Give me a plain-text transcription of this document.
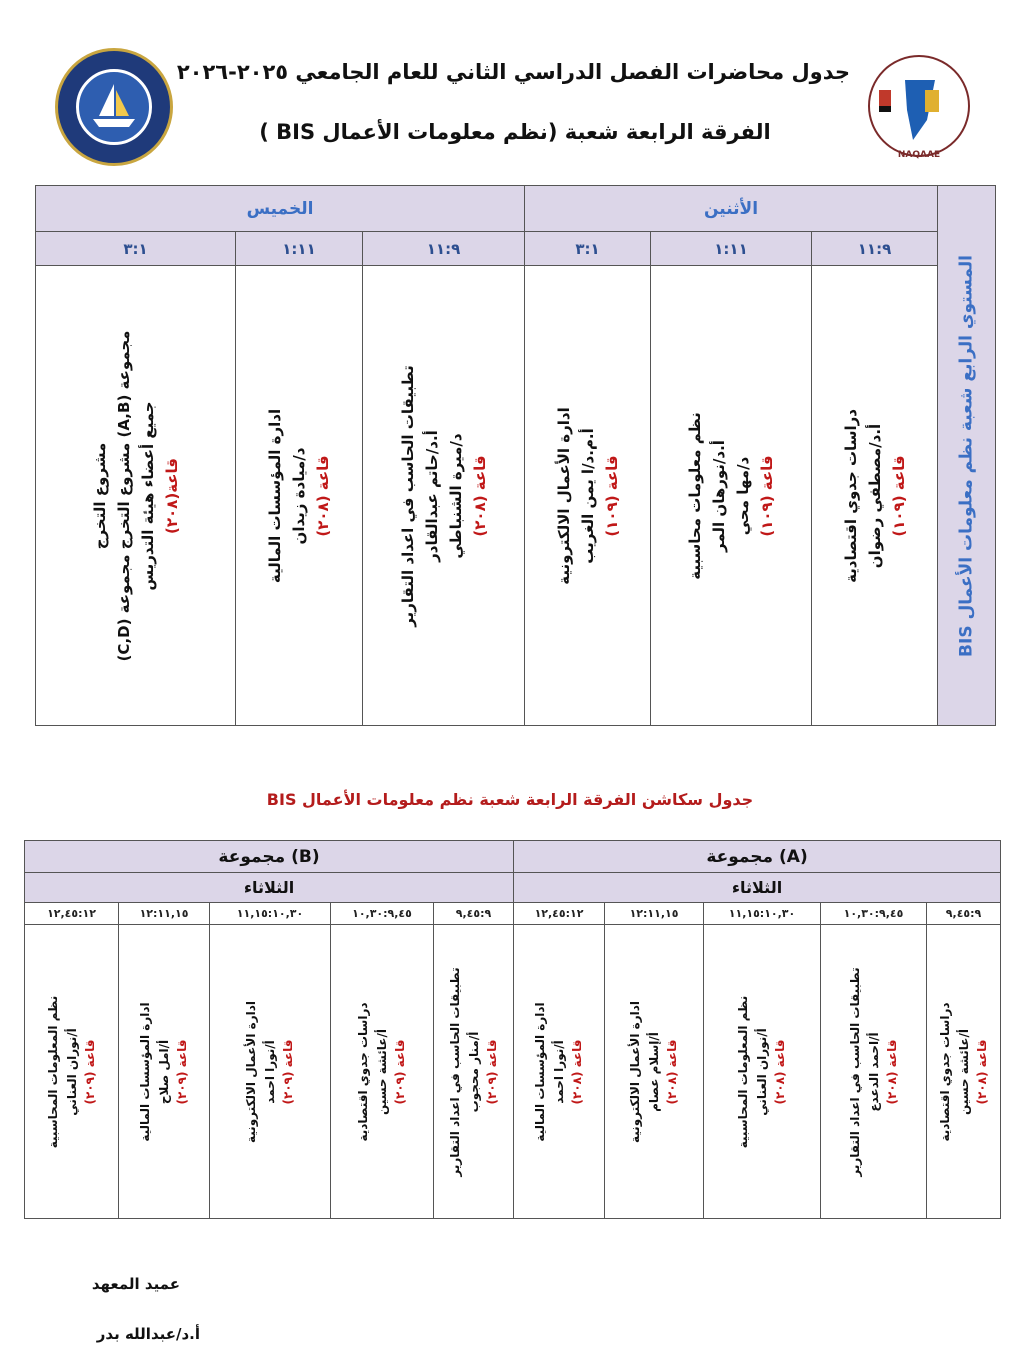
جدول محاضرات الفصل الدراسي الثاني للعام الجامعي ٢٠٢٥-٢٠٢٦
الفرقة الرابعة شعبة (نظم معلومات الأعمال BIS )
NAQAAE
الخميس			الأثنين			المستوي الرابع شعبة نظم معلومات الأعمال BIS

٣:١	١:١١	١١:٩	٣:١	١:١١	١١:٩	

مشروع التخرج
مجموعة (A,B) مشروع التخرج مجموعة (C,D)
جميع أعضاء هيئة التدريس قاعة(٢٠٨)	ادارة المؤسسات المالية د/ميادة زيدان قاعة (٢٠٨)	تطبيقات الحاسب في اعداد التقارير أ.د/حاتم عبدالقادر د/ميرة الشنباطي قاعة (٢٠٨)	ادارة الأعمال الالكترونية أ.م.د/ا يمن الغريب قاعة (١٠٩)	نظم معلومات محاسبية أ.د/نورهان المر د/مها محي قاعة (١٠٩)	دراسات جدوي اقتصادية أ.د/مصطفي رضوان قاعة (١٠٩)	
جدول سكاشن الفرقة الرابعة شعبة نظم معلومات الأعمال BIS
مجموعة (B)					مجموعة (A)				
الثلاثاء					الثلاثاء				
١٢,٤٥:١٢	١٢:١١,١٥	١١,١٥:١٠,٣٠	١٠,٣٠:٩,٤٥	٩,٤٥:٩	١٢,٤٥:١٢	١٢:١١,١٥	١١,١٥:١٠,٣٠	١٠,٣٠:٩,٤٥	٩,٤٥:٩

نظم المعلومات المحاسبية أ/نوران العناني قاعة (٢٠٩)	ادارة المؤسسات المالية أ/امل صلاح قاعة (٢٠٩)	ادارة الأعمال الالكترونية أ/نورا احمد قاعة (٢٠٩)	دراسات جدوي اقتصادية أ/عائشة حسين قاعة (٢٠٩)	تطبيقات الحاسب في اعداد التقارير أ/منار محجوب قاعة (٢٠٩)	ادارة المؤسسات المالية أ/نورا احمد قاعة (٢٠٨)	ادارة الأعمال الالكترونية أ/إسلام عصام قاعة (٢٠٨)	نظم المعلومات المحاسبية أ/نوران العناني قاعة (٢٠٨)	تطبيقات الحاسب في اعداد التقارير أ/احمد الدعدع قاعة (٢٠٨)	دراسات جدوي اقتصادية أ/عائشة حسين قاعة (٢٠٨)
عميد المعهد
أ.د/عبدالله بدر
